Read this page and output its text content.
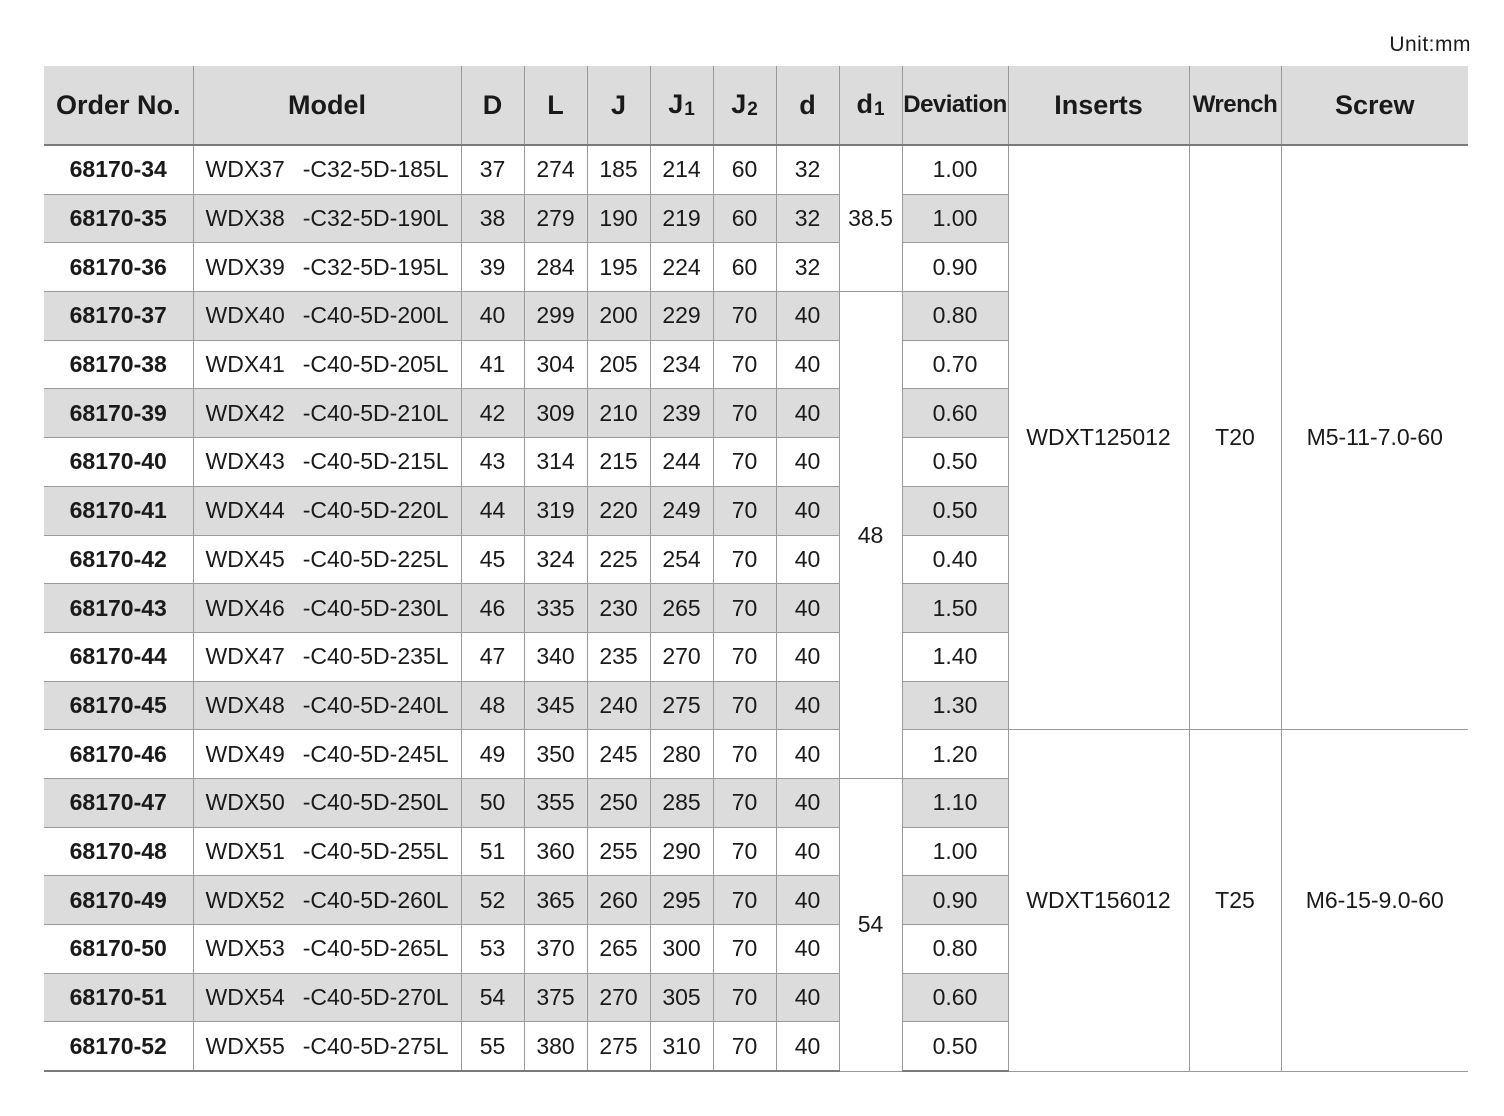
Unit:mm
Order No.	Model	D	L	J	J1	J2	d	d1	Deviation	Inserts	Wrench	Screw
68170-34	WDX37 -C32-5D-185L	37	274	185	214	60	32	38.5	1.00	WDXT125012	T20	M5-11-7.0-60
68170-35	WDX38 -C32-5D-190L	38	279	190	219	60	32		1.00			
68170-36	WDX39 -C32-5D-195L	39	284	195	224	60	32		0.90			
68170-37	WDX40 -C40-5D-200L	40	299	200	229	70	40	48	0.80			
68170-38	WDX41 -C40-5D-205L	41	304	205	234	70	40		0.70			
68170-39	WDX42 -C40-5D-210L	42	309	210	239	70	40		0.60			
68170-40	WDX43 -C40-5D-215L	43	314	215	244	70	40		0.50			
68170-41	WDX44 -C40-5D-220L	44	319	220	249	70	40		0.50			
68170-42	WDX45 -C40-5D-225L	45	324	225	254	70	40		0.40			
68170-43	WDX46 -C40-5D-230L	46	335	230	265	70	40		1.50			
68170-44	WDX47 -C40-5D-235L	47	340	235	270	70	40		1.40			
68170-45	WDX48 -C40-5D-240L	48	345	240	275	70	40		1.30			
68170-46	WDX49 -C40-5D-245L	49	350	245	280	70	40		1.20	WDXT156012	T25	M6-15-9.0-60
68170-47	WDX50 -C40-5D-250L	50	355	250	285	70	40	54	1.10			
68170-48	WDX51 -C40-5D-255L	51	360	255	290	70	40		1.00			
68170-49	WDX52 -C40-5D-260L	52	365	260	295	70	40		0.90			
68170-50	WDX53 -C40-5D-265L	53	370	265	300	70	40		0.80			
68170-51	WDX54 -C40-5D-270L	54	375	270	305	70	40		0.60			
68170-52	WDX55 -C40-5D-275L	55	380	275	310	70	40		0.50			
